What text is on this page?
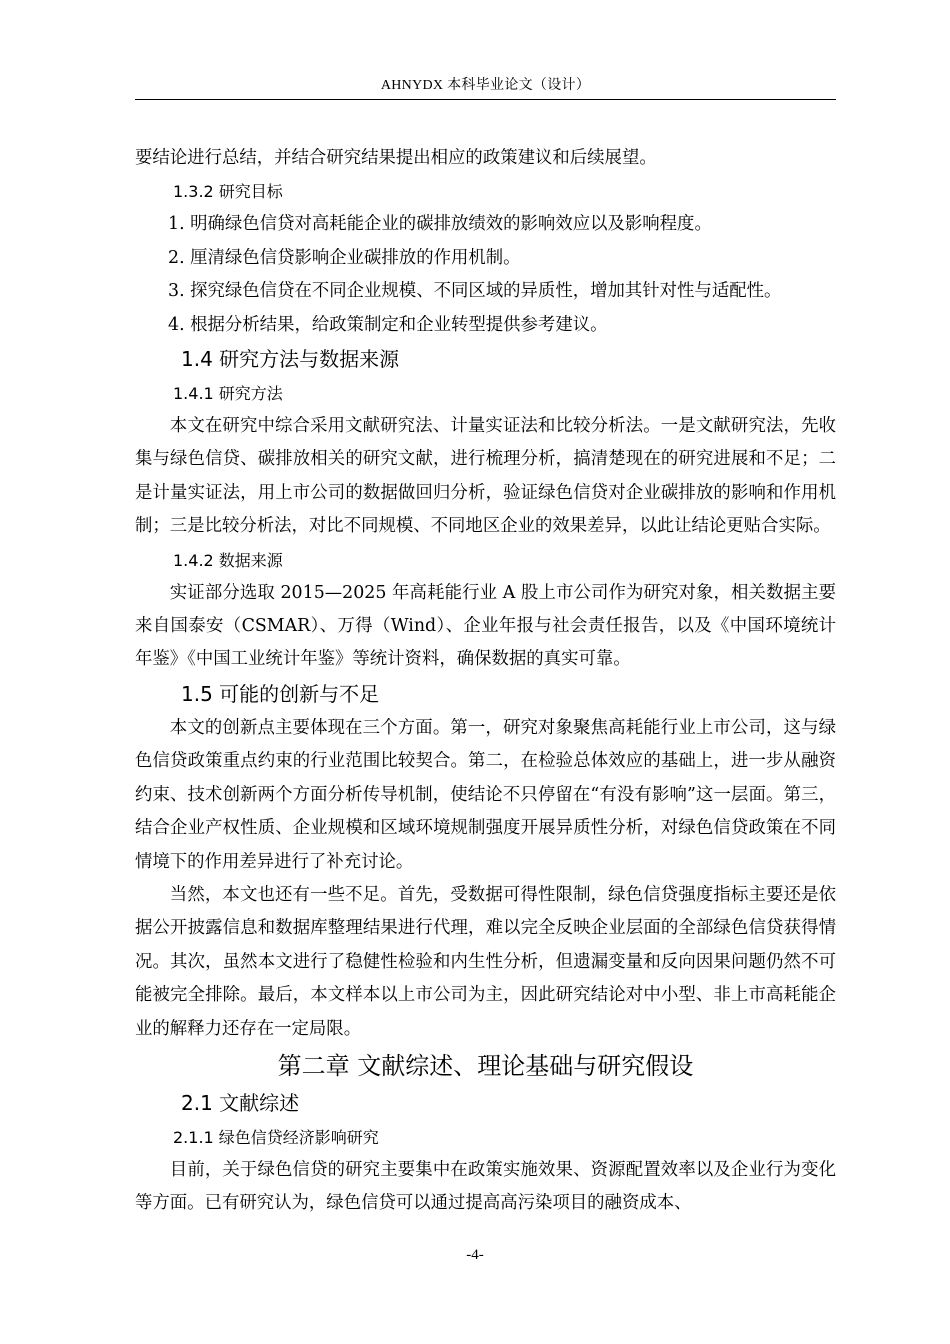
AHNYDX 本科毕业论文（设计）

要结论进行总结，并结合研究结果提出相应的政策建议和后续展望。

1.3.2 研究目标

1. 明确绿色信贷对高耗能企业的碳排放绩效的影响效应以及影响程度。

2. 厘清绿色信贷影响企业碳排放的作用机制。

3. 探究绿色信贷在不同企业规模、不同区域的异质性，增加其针对性与适配性。

4. 根据分析结果，给政策制定和企业转型提供参考建议。

1.4 研究方法与数据来源

1.4.1 研究方法

本文在研究中综合采用文献研究法、计量实证法和比较分析法。一是文献研究法，先收集与绿色信贷、碳排放相关的研究文献，进行梳理分析，搞清楚现在的研究进展和不足；二是计量实证法，用上市公司的数据做回归分析，验证绿色信贷对企业碳排放的影响和作用机制；三是比较分析法，对比不同规模、不同地区企业的效果差异，以此让结论更贴合实际。

1.4.2 数据来源

实证部分选取 2015—2025 年高耗能行业 A 股上市公司作为研究对象，相关数据主要来自国泰安（CSMAR）、万得（Wind）、企业年报与社会责任报告，以及《中国环境统计年鉴》《中国工业统计年鉴》等统计资料，确保数据的真实可靠。

1.5 可能的创新与不足

本文的创新点主要体现在三个方面。第一，研究对象聚焦高耗能行业上市公司，这与绿色信贷政策重点约束的行业范围比较契合。第二，在检验总体效应的基础上，进一步从融资约束、技术创新两个方面分析传导机制，使结论不只停留在“有没有影响”这一层面。第三，结合企业产权性质、企业规模和区域环境规制强度开展异质性分析，对绿色信贷政策在不同情境下的作用差异进行了补充讨论。

当然，本文也还有一些不足。首先，受数据可得性限制，绿色信贷强度指标主要还是依据公开披露信息和数据库整理结果进行代理，难以完全反映企业层面的全部绿色信贷获得情况。其次，虽然本文进行了稳健性检验和内生性分析，但遗漏变量和反向因果问题仍然不可能被完全排除。最后，本文样本以上市公司为主，因此研究结论对中小型、非上市高耗能企业的解释力还存在一定局限。

第二章 文献综述、理论基础与研究假设

2.1 文献综述

2.1.1 绿色信贷经济影响研究

目前，关于绿色信贷的研究主要集中在政策实施效果、资源配置效率以及企业行为变化等方面。已有研究认为，绿色信贷可以通过提高高污染项目的融资成本、

-4-
